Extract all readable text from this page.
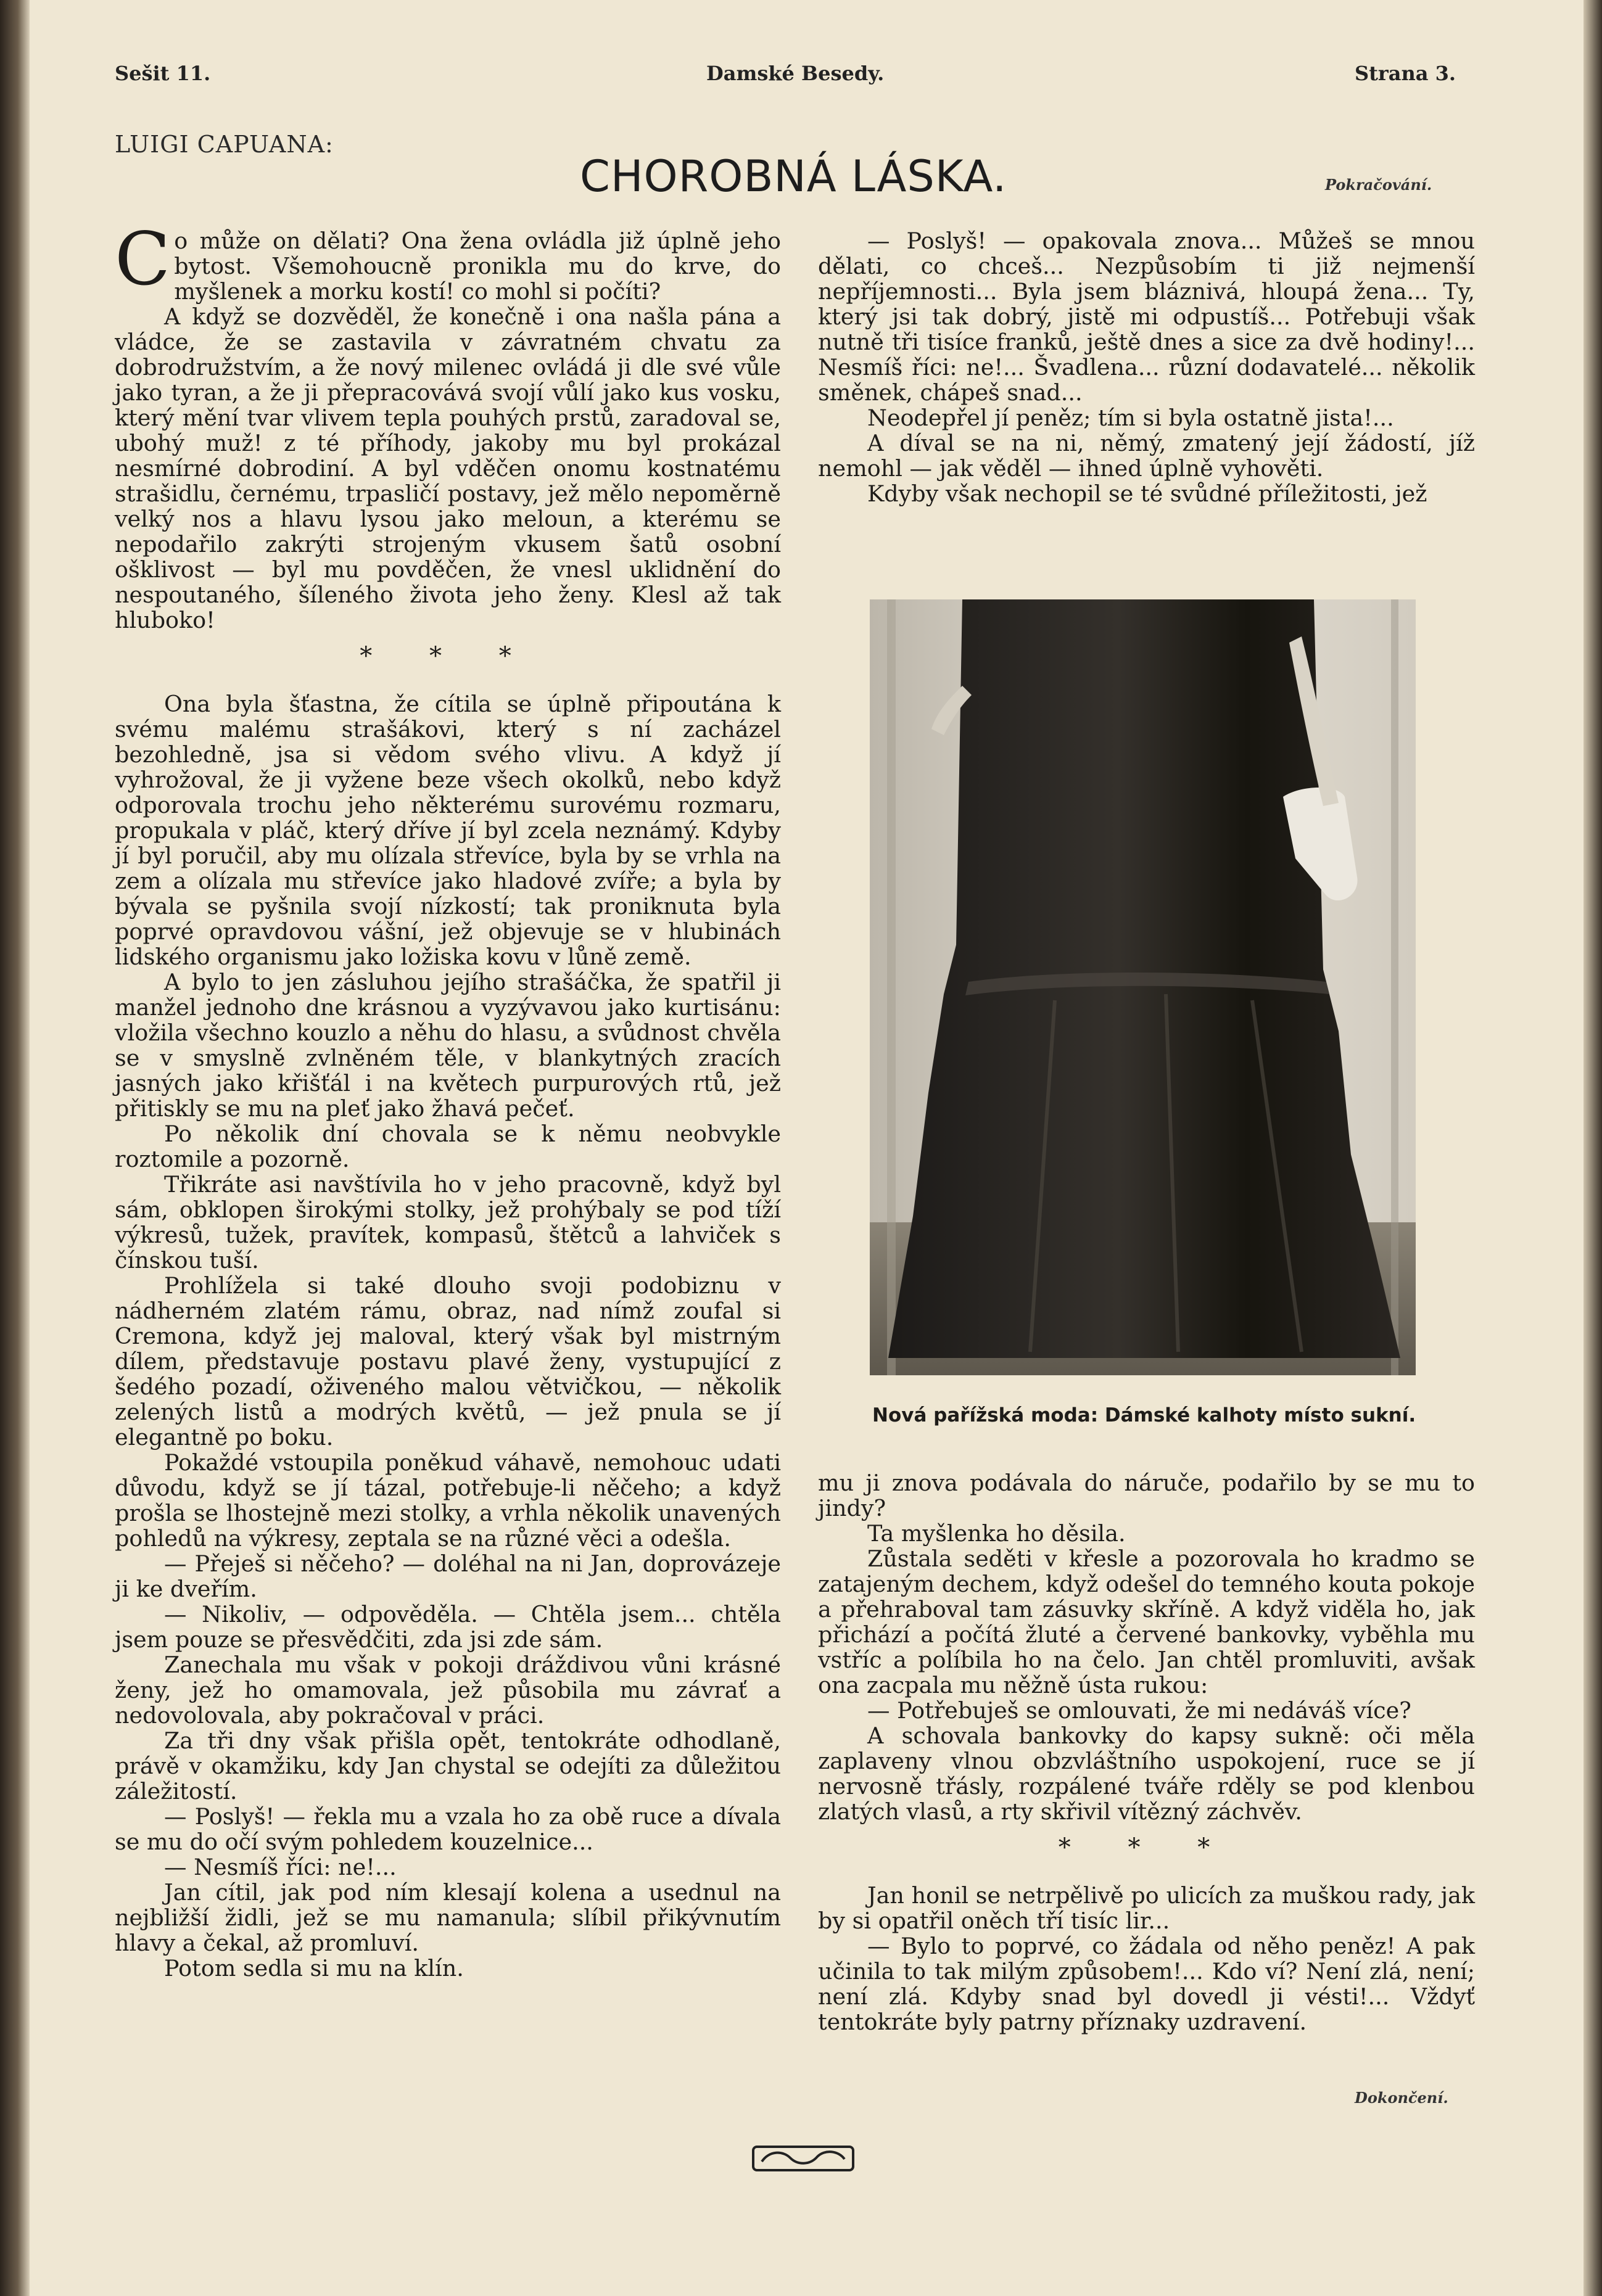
Sešit 11.	Damské Besedy.	Strana 3.
LUIGI CAPUANA:
CHOROBNÁ LÁSKA.	Pokračování.

Co může on dělati? Ona žena ovládla již úplně jeho bytost. Všemohoucně pronikla mu do krve, do myšlenek a morku kostí! co mohl si počíti?

A když se dozvěděl, že konečně i ona našla pána a vládce, že se zastavila v závratném chvatu za dobrodružstvím, a že nový milenec ovládá ji dle své vůle jako tyran, a že ji přepracovává svojí vůlí jako kus vosku, který mění tvar vlivem tepla pouhých prstů, zaradoval se, ubohý muž! z té příhody, jakoby mu byl prokázal nesmírné dobrodiní. A byl vděčen onomu kostnatému strašidlu, černému, trpasličí postavy, jež mělo nepoměrně velký nos a hlavu lysou jako meloun, a kterému se nepodařilo zakrýti strojeným vkusem šatů osobní ošklivost — byl mu povděčen, že vnesl uklidnění do nespoutaného, šíleného života jeho ženy. Klesl až tak hluboko!

* * *

Ona byla šťastna, že cítila se úplně připoutána k svému malému strašákovi, který s ní zacházel bezohledně, jsa si vědom svého vlivu. A když jí vyhrožoval, že ji vyžene beze všech okolků, nebo když odporovala trochu jeho některému surovému rozmaru, propukala v pláč, který dříve jí byl zcela neznámý. Kdyby jí byl poručil, aby mu olízala střevíce, byla by se vrhla na zem a olízala mu střevíce jako hladové zvíře; a byla by bývala se pyšnila svojí nízkostí; tak proniknuta byla poprvé opravdovou vášní, jež objevuje se v hlubinách lidského organismu jako ložiska kovu v lůně země.

A bylo to jen zásluhou jejího strašáčka, že spatřil ji manžel jednoho dne krásnou a vyzývavou jako kurtisánu: vložila všechno kouzlo a něhu do hlasu, a svůdnost chvěla se v smyslně zvlněném těle, v blankytných zracích jasných jako křišťál i na květech purpurových rtů, jež přitiskly se mu na pleť jako žhavá pečeť.

Po několik dní chovala se k němu neobvykle roztomile a pozorně.

Třikráte asi navštívila ho v jeho pracovně, když byl sám, obklopen širokými stolky, jež prohýbaly se pod tíží výkresů, tužek, pravítek, kompasů, štětců a lahviček s čínskou tuší.

Prohlížela si také dlouho svoji podobiznu v nádherném zlatém rámu, obraz, nad nímž zoufal si Cremona, když jej maloval, který však byl mistrným dílem, představuje postavu plavé ženy, vystupující z šedého pozadí, oživeného malou větvičkou, — několik zelených listů a modrých květů, — jež pnula se jí elegantně po boku.

Pokaždé vstoupila poněkud váhavě, nemohouc udati důvodu, když se jí tázal, potřebuje-li něčeho; a když prošla se lhostejně mezi stolky, a vrhla několik unavených pohledů na výkresy, zeptala se na různé věci a odešla.

— Přeješ si něčeho? — doléhal na ni Jan, doprovázeje ji ke dveřím.

— Nikoliv, — odpověděla. — Chtěla jsem... chtěla jsem pouze se přesvědčiti, zda jsi zde sám.

Zanechala mu však v pokoji dráždivou vůni krásné ženy, jež ho omamovala, jež působila mu závrať a nedovolovala, aby pokračoval v práci.

Za tři dny však přišla opět, tentokráte odhodlaně, právě v okamžiku, kdy Jan chystal se odejíti za důležitou záležitostí.

— Poslyš! — řekla mu a vzala ho za obě ruce a dívala se mu do očí svým pohledem kouzelnice...

— Nesmíš říci: ne!...

Jan cítil, jak pod ním klesají kolena a usednul na nejbližší židli, jež se mu namanula; slíbil přikývnutím hlavy a čekal, až promluví.

Potom sedla si mu na klín.

— Poslyš! — opakovala znova... Můžeš se mnou dělati, co chceš... Nezpůsobím ti již nejmenší nepříjemnosti... Byla jsem bláznivá, hloupá žena... Ty, který jsi tak dobrý, jistě mi odpustíš... Potřebuji však nutně tři tisíce franků, ještě dnes a sice za dvě hodiny!... Nesmíš říci: ne!... Švadlena... různí dodavatelé... několik směnek, chápeš snad...

Neodepřel jí peněz; tím si byla ostatně jista!...

A díval se na ni, němý, zmatený její žádostí, jíž nemohl — jak věděl — ihned úplně vyhověti.

Kdyby však nechopil se té svůdné příležitosti, jež

Nová pařížská moda: Dámské kalhoty místo sukní.

mu ji znova podávala do náruče, podařilo by se mu to jindy?

Ta myšlenka ho děsila.

Zůstala seděti v křesle a pozorovala ho kradmo se zatajeným dechem, když odešel do temného kouta pokoje a přehraboval tam zásuvky skříně. A když viděla ho, jak přichází a počítá žluté a červené bankovky, vyběhla mu vstříc a políbila ho na čelo. Jan chtěl promluviti, avšak ona zacpala mu něžně ústa rukou:

— Potřebuješ se omlouvati, že mi nedáváš více?

A schovala bankovky do kapsy sukně: oči měla zaplaveny vlnou obzvláštního uspokojení, ruce se jí nervosně třásly, rozpálené tváře rděly se pod klenbou zlatých vlasů, a rty skřivil vítězný záchvěv.

* * *

Jan honil se netrpělivě po ulicích za muškou rady, jak by si opatřil oněch tří tisíc lir...

— Bylo to poprvé, co žádala od něho peněz! A pak učinila to tak milým způsobem!... Kdo ví? Není zlá, není; není zlá. Kdyby snad byl dovedl ji vésti!... Vždyť tentokráte byly patrny příznaky uzdravení.

Dokončení.
